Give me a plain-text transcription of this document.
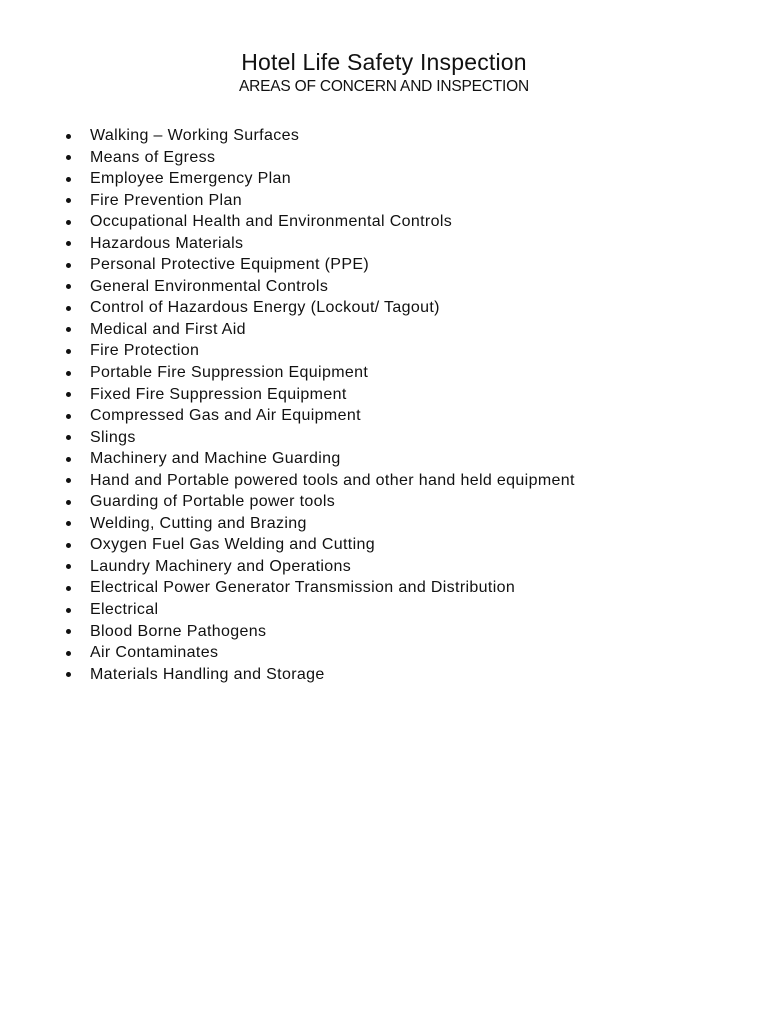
Hotel Life Safety Inspection
AREAS OF CONCERN AND INSPECTION
Walking – Working Surfaces
Means of Egress
Employee Emergency Plan
Fire Prevention Plan
Occupational Health and Environmental Controls
Hazardous Materials
Personal Protective Equipment (PPE)
General Environmental Controls
Control of Hazardous Energy (Lockout/ Tagout)
Medical and First Aid
Fire Protection
Portable Fire Suppression Equipment
Fixed Fire Suppression Equipment
Compressed Gas and Air Equipment
Slings
Machinery and Machine Guarding
Hand and Portable powered tools and other hand held equipment
Guarding of Portable power tools
Welding, Cutting and Brazing
Oxygen Fuel Gas Welding and Cutting
Laundry Machinery and Operations
Electrical Power Generator Transmission and Distribution
Electrical
Blood Borne Pathogens
Air Contaminates
Materials Handling and Storage
